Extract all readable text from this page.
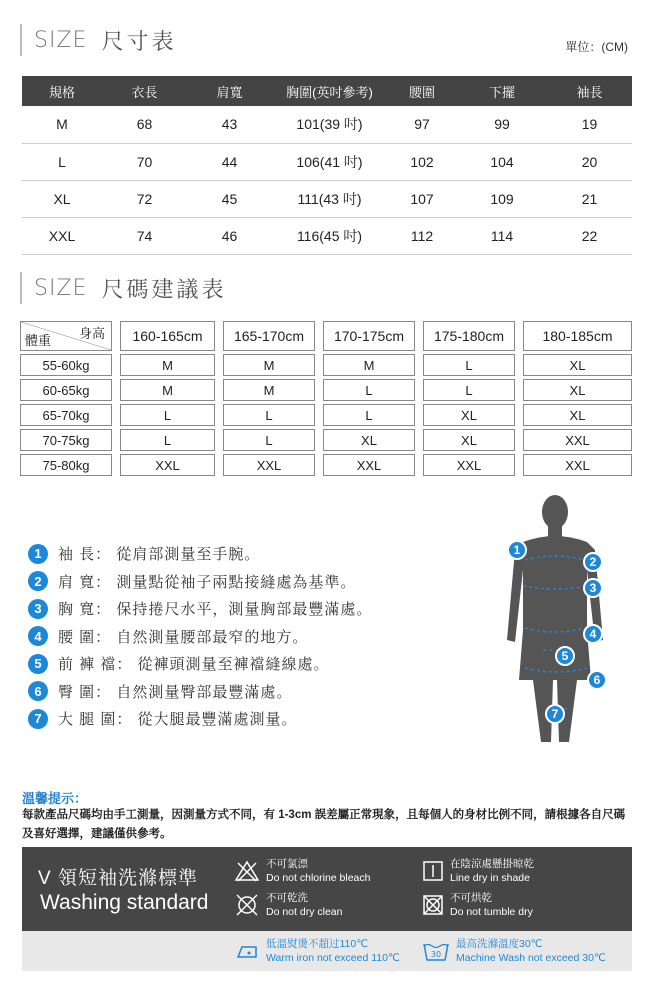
SIZE 尺寸表	單位：(CM)
規格	衣長	肩寬	胸圍(英吋參考)	腰圍	下擺	袖長
M	68	43	101(39 吋)	97	99	19
L	70	44	106(41 吋)	102	104	20
XL	72	45	111(43 吋)	107	109	21
XXL	74	46	116(45 吋)	112	114	22
SIZE 尺碼建議表
身高
體重		160-165cm		165-170cm		170-175cm		175-180cm		180-185cm
55-60kg		M		M		M		L		XL
60-65kg		M		M		L		L		XL
65-70kg		L		L		L		XL		XL
70-75kg		L		L		XL		XL		XXL
75-80kg		XXL		XXL		XXL		XXL		XXL
1	袖 長： 從肩部測量至手腕。
2	肩 寬： 測量點從袖子兩點接縫處為基準。
3	胸 寬： 保持捲尺水平，測量胸部最豐滿處。
4	腰 圍： 自然測量腰部最窄的地方。
5	前 褲 襠： 從褲頭測量至褲襠縫線處。
6	臀 圍： 自然測量臀部最豐滿處。
7	大 腿 圍： 從大腿最豐滿處測量。
1
2
3
4
5
6
7
溫馨提示：
每款產品尺碼均由手工測量，因測量方式不同，有 1-3cm 誤差屬正常現象，且每個人的身材比例不同，請根據各自尺碼及喜好選擇，建議僅供參考。
V 領短袖洗滌標準
Washing standard
不可氯漂
Do not chlorine bleach
在陰涼處懸掛晾乾
Line dry in shade
不可乾洗
Do not dry clean
不可烘乾
Do not tumble dry
低溫熨燙不超过110℃
Warm iron not exceed 110℃	30
最高洗滌溫度30℃
Machine Wash not exceed 30℃
